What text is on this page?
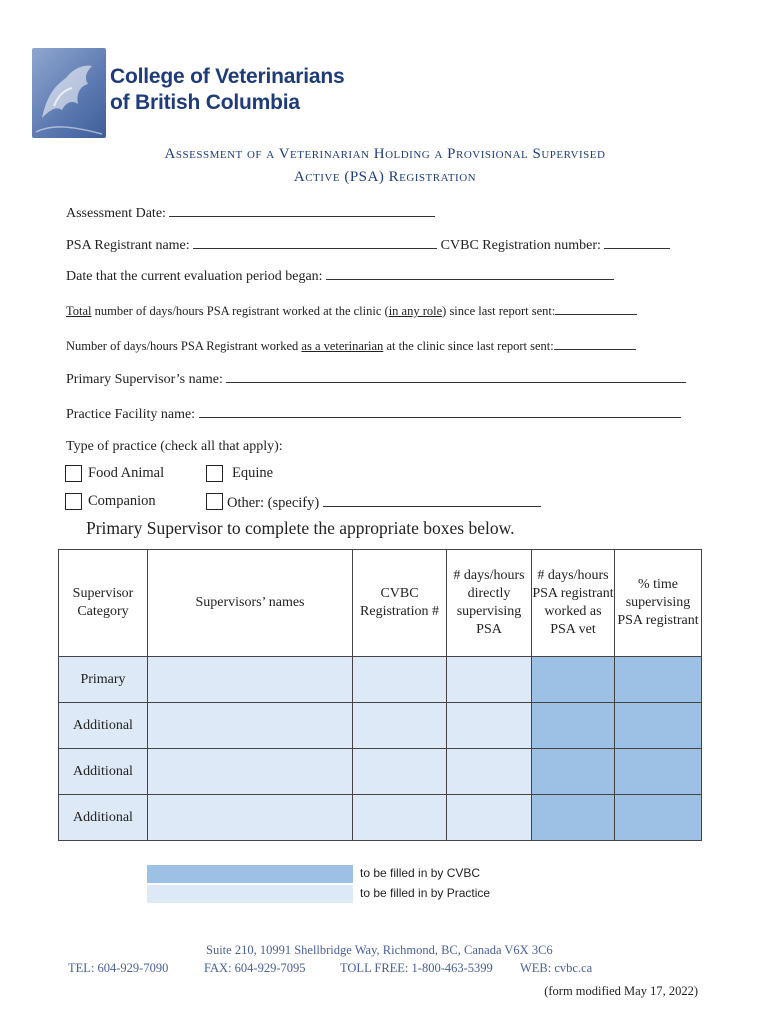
College of Veterinarians
of British Columbia
Assessment of a Veterinarian Holding a Provisional Supervised
Active (PSA) Registration
Assessment Date:
PSA Registrant name:	CVBC Registration number:
Date that the current evaluation period began:
Total number of days/hours PSA registrant worked at the clinic (in any role) since last report sent:
Number of days/hours PSA Registrant worked as a veterinarian at the clinic since last report sent:
Primary Supervisor’s name:
Practice Facility name:
Type of practice (check all that apply):
Food Animal	Equine
Companion	Other: (specify)
Primary Supervisor to complete the appropriate boxes below.
Supervisor Category	Supervisors’ names	CVBC Registration #	# days/hours directly supervising PSA	# days/hours PSA registrant worked as PSA vet	% time supervising PSA registrant
Primary					
Additional					
Additional					
Additional					
to be filled in by CVBC
to be filled in by Practice
Suite 210, 10991 Shellbridge Way, Richmond, BC, Canada V6X 3C6
TEL: 604-929-7090	FAX: 604-929-7095	TOLL FREE: 1-800-463-5399 WEB: cvbc.ca
(form modified May 17, 2022)
